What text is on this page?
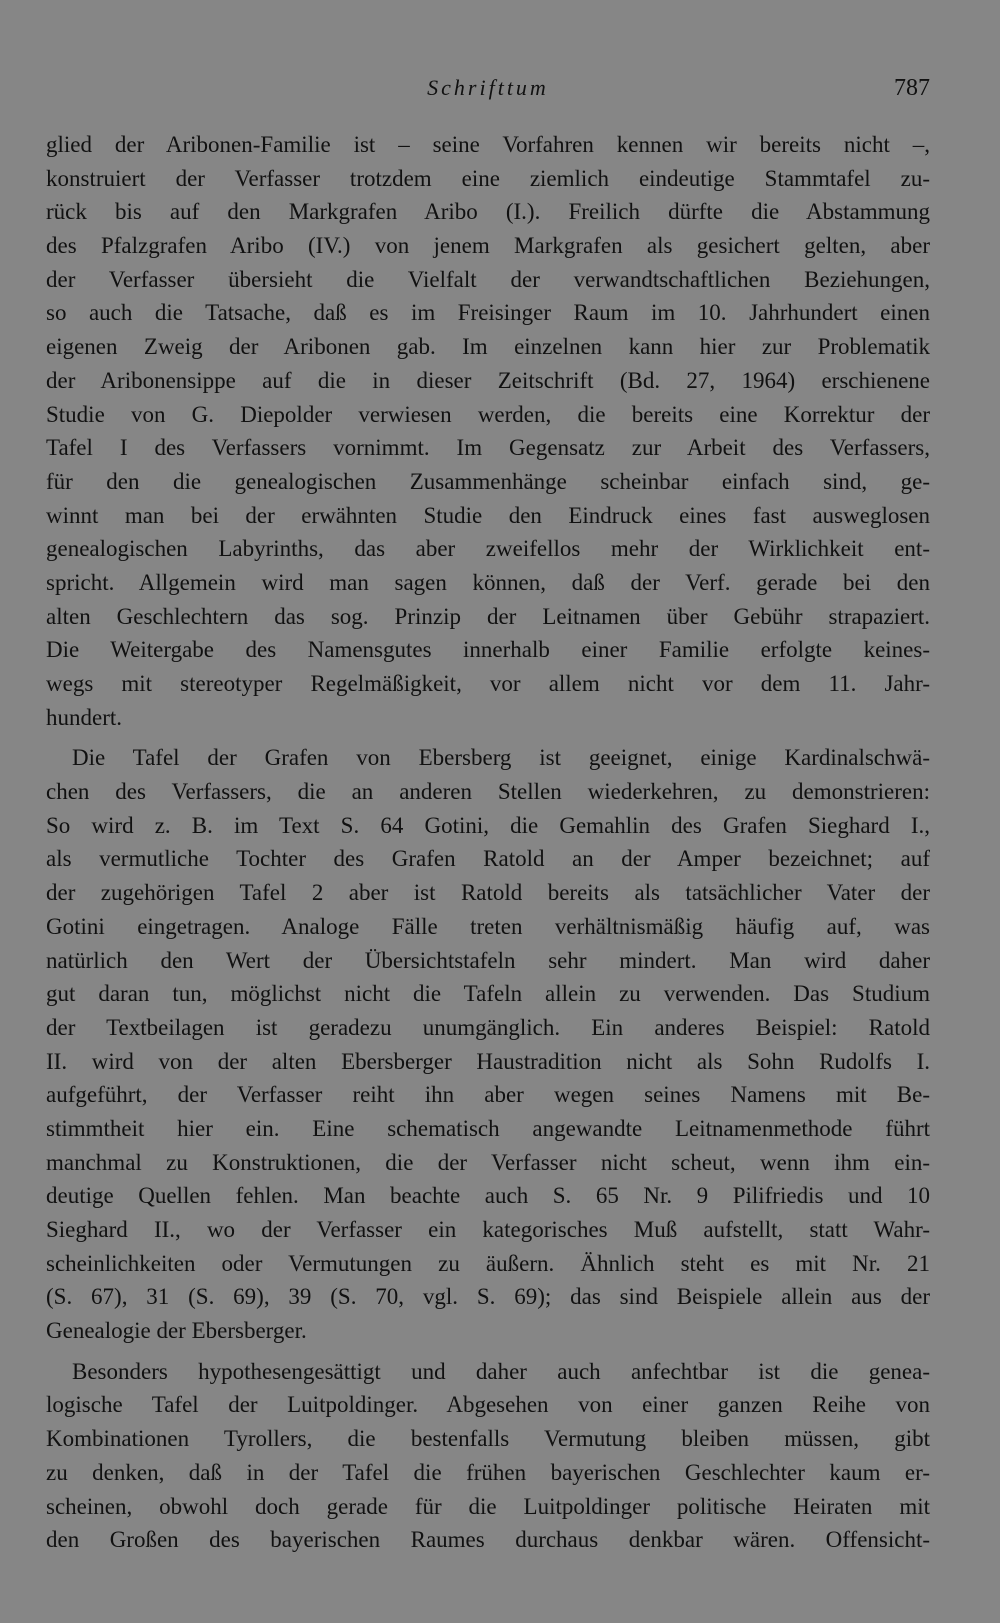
Schrifttum	787
glied der Aribonen-Familie ist – seine Vorfahren kennen wir bereits nicht –,
konstruiert der Verfasser trotzdem eine ziemlich eindeutige Stammtafel zu-
rück bis auf den Markgrafen Aribo (I.). Freilich dürfte die Abstammung
des Pfalzgrafen Aribo (IV.) von jenem Markgrafen als gesichert gelten, aber
der Verfasser übersieht die Vielfalt der verwandtschaftlichen Beziehungen,
so auch die Tatsache, daß es im Freisinger Raum im 10. Jahrhundert einen
eigenen Zweig der Aribonen gab. Im einzelnen kann hier zur Problematik
der Aribonensippe auf die in dieser Zeitschrift (Bd. 27, 1964) erschienene
Studie von G. Diepolder verwiesen werden, die bereits eine Korrektur der
Tafel I des Verfassers vornimmt. Im Gegensatz zur Arbeit des Verfassers,
für den die genealogischen Zusammenhänge scheinbar einfach sind, ge-
winnt man bei der erwähnten Studie den Eindruck eines fast ausweglosen
genealogischen Labyrinths, das aber zweifellos mehr der Wirklichkeit ent-
spricht. Allgemein wird man sagen können, daß der Verf. gerade bei den
alten Geschlechtern das sog. Prinzip der Leitnamen über Gebühr strapaziert.
Die Weitergabe des Namensgutes innerhalb einer Familie erfolgte keines-
wegs mit stereotyper Regelmäßigkeit, vor allem nicht vor dem 11. Jahr-
hundert.
Die Tafel der Grafen von Ebersberg ist geeignet, einige Kardinalschwä-
chen des Verfassers, die an anderen Stellen wiederkehren, zu demonstrieren:
So wird z. B. im Text S. 64 Gotini, die Gemahlin des Grafen Sieghard I.,
als vermutliche Tochter des Grafen Ratold an der Amper bezeichnet; auf
der zugehörigen Tafel 2 aber ist Ratold bereits als tatsächlicher Vater der
Gotini eingetragen. Analoge Fälle treten verhältnismäßig häufig auf, was
natürlich den Wert der Übersichtstafeln sehr mindert. Man wird daher
gut daran tun, möglichst nicht die Tafeln allein zu verwenden. Das Studium
der Textbeilagen ist geradezu unumgänglich. Ein anderes Beispiel: Ratold
II. wird von der alten Ebersberger Haustradition nicht als Sohn Rudolfs I.
aufgeführt, der Verfasser reiht ihn aber wegen seines Namens mit Be-
stimmtheit hier ein. Eine schematisch angewandte Leitnamenmethode führt
manchmal zu Konstruktionen, die der Verfasser nicht scheut, wenn ihm ein-
deutige Quellen fehlen. Man beachte auch S. 65 Nr. 9 Pilifriedis und 10
Sieghard II., wo der Verfasser ein kategorisches Muß aufstellt, statt Wahr-
scheinlichkeiten oder Vermutungen zu äußern. Ähnlich steht es mit Nr. 21
(S. 67), 31 (S. 69), 39 (S. 70, vgl. S. 69); das sind Beispiele allein aus der
Genealogie der Ebersberger.
Besonders hypothesengesättigt und daher auch anfechtbar ist die genea-
logische Tafel der Luitpoldinger. Abgesehen von einer ganzen Reihe von
Kombinationen Tyrollers, die bestenfalls Vermutung bleiben müssen, gibt
zu denken, daß in der Tafel die frühen bayerischen Geschlechter kaum er-
scheinen, obwohl doch gerade für die Luitpoldinger politische Heiraten mit
den Großen des bayerischen Raumes durchaus denkbar wären. Offensicht-
